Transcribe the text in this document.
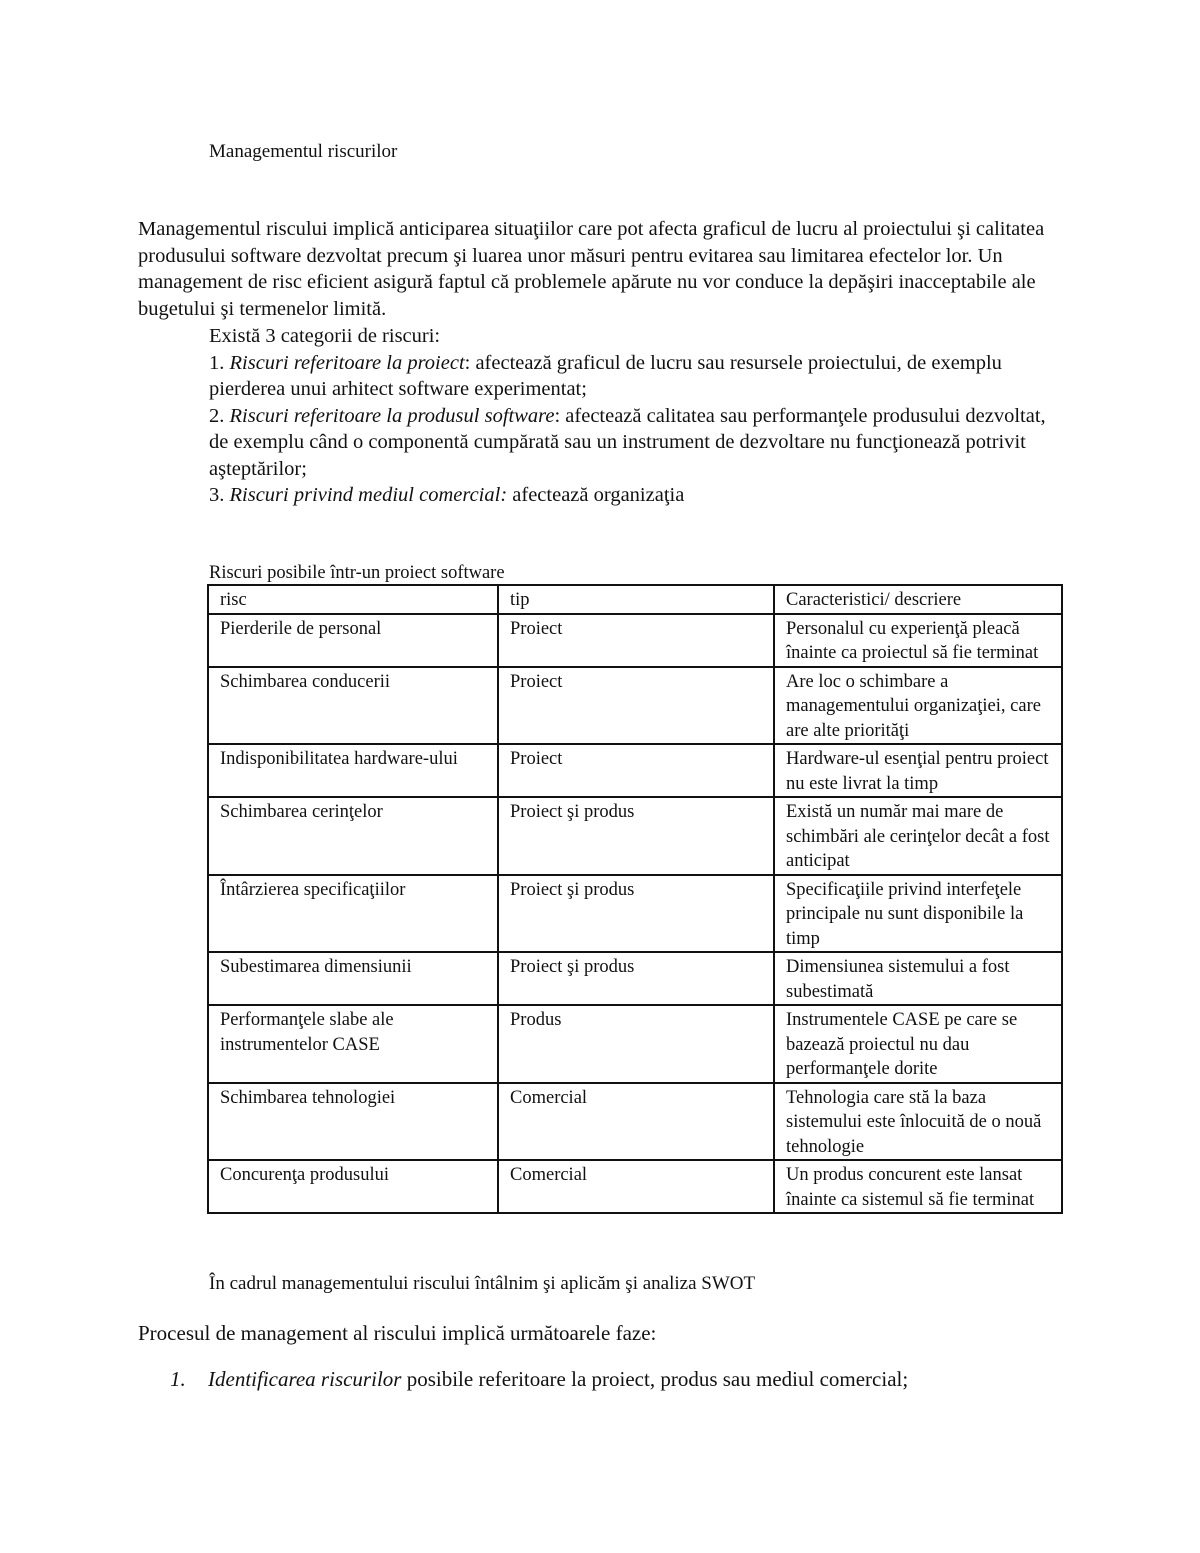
Managementul riscurilor

Managementul riscului implică anticiparea situaţiilor care pot afecta graficul de lucru al proiectului şi calitatea produsului software dezvoltat precum şi luarea unor măsuri pentru evitarea sau limitarea efectelor lor. Un management de risc eficient asigură faptul că problemele apărute nu vor conduce la depăşiri inacceptabile ale bugetului şi termenelor limită.

Există 3 categorii de riscuri:

1. Riscuri referitoare la proiect: afectează graficul de lucru sau resursele proiectului, de exemplu pierderea unui arhitect software experimentat;

2. Riscuri referitoare la produsul software: afectează calitatea sau performanţele produsului dezvoltat, de exemplu când o componentă cumpărată sau un instrument de dezvoltare nu funcţionează potrivit aşteptărilor;

3. Riscuri privind mediul comercial: afectează organizaţia

Riscuri posibile într-un proiect software
risc	tip	Caracteristici/ descriere
Pierderile de personal	Proiect	Personalul cu experienţă pleacă înainte ca proiectul să fie terminat
Schimbarea conducerii	Proiect	Are loc o schimbare a managementului organizaţiei, care are alte priorităţi
Indisponibilitatea hardware-ului	Proiect	Hardware-ul esenţial pentru proiect nu este livrat la timp
Schimbarea cerinţelor	Proiect şi produs	Există un număr mai mare de schimbări ale cerinţelor decât a fost anticipat
Întârzierea specificaţiilor	Proiect şi produs	Specificaţiile privind interfeţele principale nu sunt disponibile la timp
Subestimarea dimensiunii	Proiect şi produs	Dimensiunea sistemului a fost subestimată
Performanţele slabe ale instrumentelor CASE	Produs	Instrumentele CASE pe care se bazează proiectul nu dau performanţele dorite
Schimbarea tehnologiei	Comercial	Tehnologia care stă la baza sistemului este înlocuită de o nouă tehnologie
Concurenţa produsului	Comercial	Un produs concurent este lansat înainte ca sistemul să fie terminat
În cadrul managementului riscului întâlnim şi aplicăm şi analiza SWOT
Procesul de management al riscului implică următoarele faze:
1. Identificarea riscurilor posibile referitoare la proiect, produs sau mediul comercial;
